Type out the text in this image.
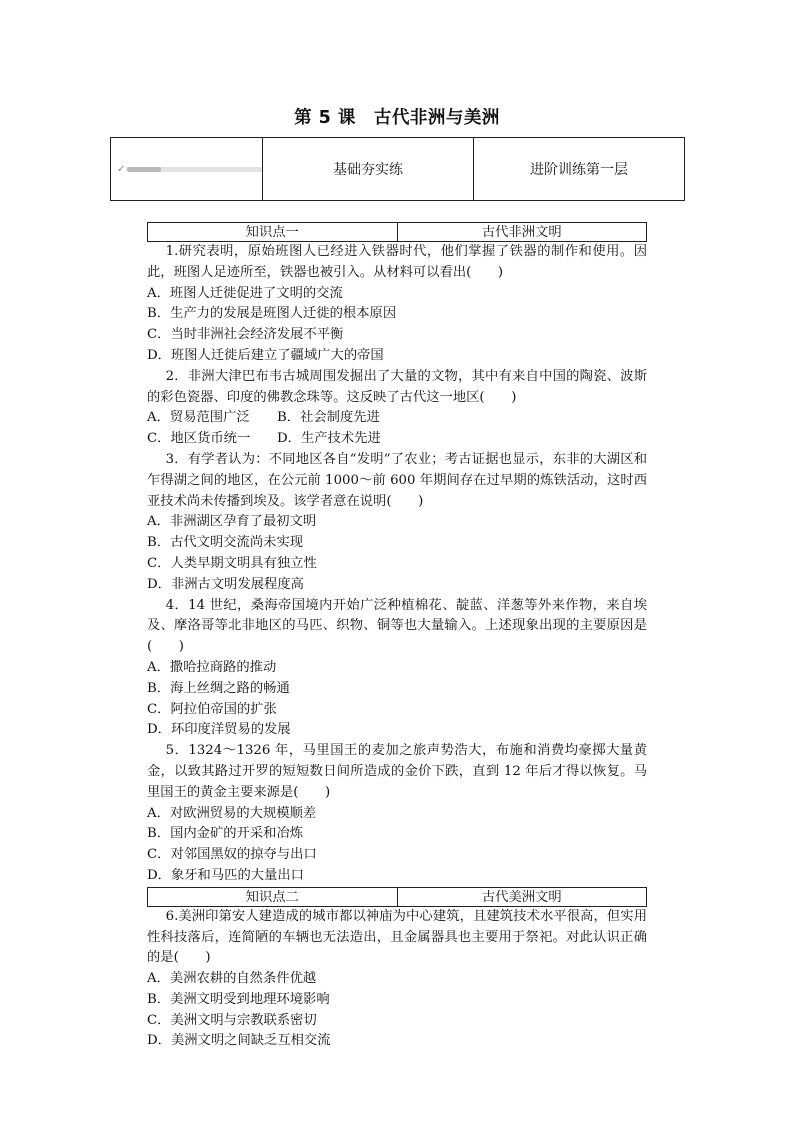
第 5 课　古代非洲与美洲
✓	基础夯实练	进阶训练第一层
知识点一	古代非洲文明

1.研究表明，原始班图人已经进入铁器时代，他们掌握了铁器的制作和使用。因此，班图人足迹所至，铁器也被引入。从材料可以看出(　　)

A．班图人迁徙促进了文明的交流

B．生产力的发展是班图人迁徙的根本原因

C．当时非洲社会经济发展不平衡

D．班图人迁徙后建立了疆域广大的帝国

2．非洲大津巴布韦古城周围发掘出了大量的文物，其中有来自中国的陶瓷、波斯的彩色瓷器、印度的佛教念珠等。这反映了古代这一地区(　　)

A．贸易范围广泛	B．社会制度先进
C．地区货币统一	D．生产技术先进

3．有学者认为：不同地区各自“发明”了农业；考古证据也显示，东非的大湖区和乍得湖之间的地区，在公元前 1000～前 600 年期间存在过早期的炼铁活动，这时西亚技术尚未传播到埃及。该学者意在说明(　　)

A．非洲湖区孕育了最初文明

B．古代文明交流尚未实现

C．人类早期文明具有独立性

D．非洲古文明发展程度高

4．14 世纪，桑海帝国境内开始广泛种植棉花、靛蓝、洋葱等外来作物，来自埃及、摩洛哥等北非地区的马匹、织物、铜等也大量输入。上述现象出现的主要原因是(　　)

A．撒哈拉商路的推动

B．海上丝绸之路的畅通

C．阿拉伯帝国的扩张

D．环印度洋贸易的发展

5．1324～1326 年，马里国王的麦加之旅声势浩大，布施和消费均豪掷大量黄金，以致其路过开罗的短短数日间所造成的金价下跌，直到 12 年后才得以恢复。马里国王的黄金主要来源是(　　)

A．对欧洲贸易的大规模顺差

B．国内金矿的开采和冶炼

C．对邻国黑奴的掠夺与出口

D．象牙和马匹的大量出口

知识点二	古代美洲文明

6.美洲印第安人建造成的城市都以神庙为中心建筑，且建筑技术水平很高，但实用性科技落后，连简陋的车辆也无法造出，且金属器具也主要用于祭祀。对此认识正确的是(　　)

A．美洲农耕的自然条件优越

B．美洲文明受到地理环境影响

C．美洲文明与宗教联系密切

D．美洲文明之间缺乏互相交流
